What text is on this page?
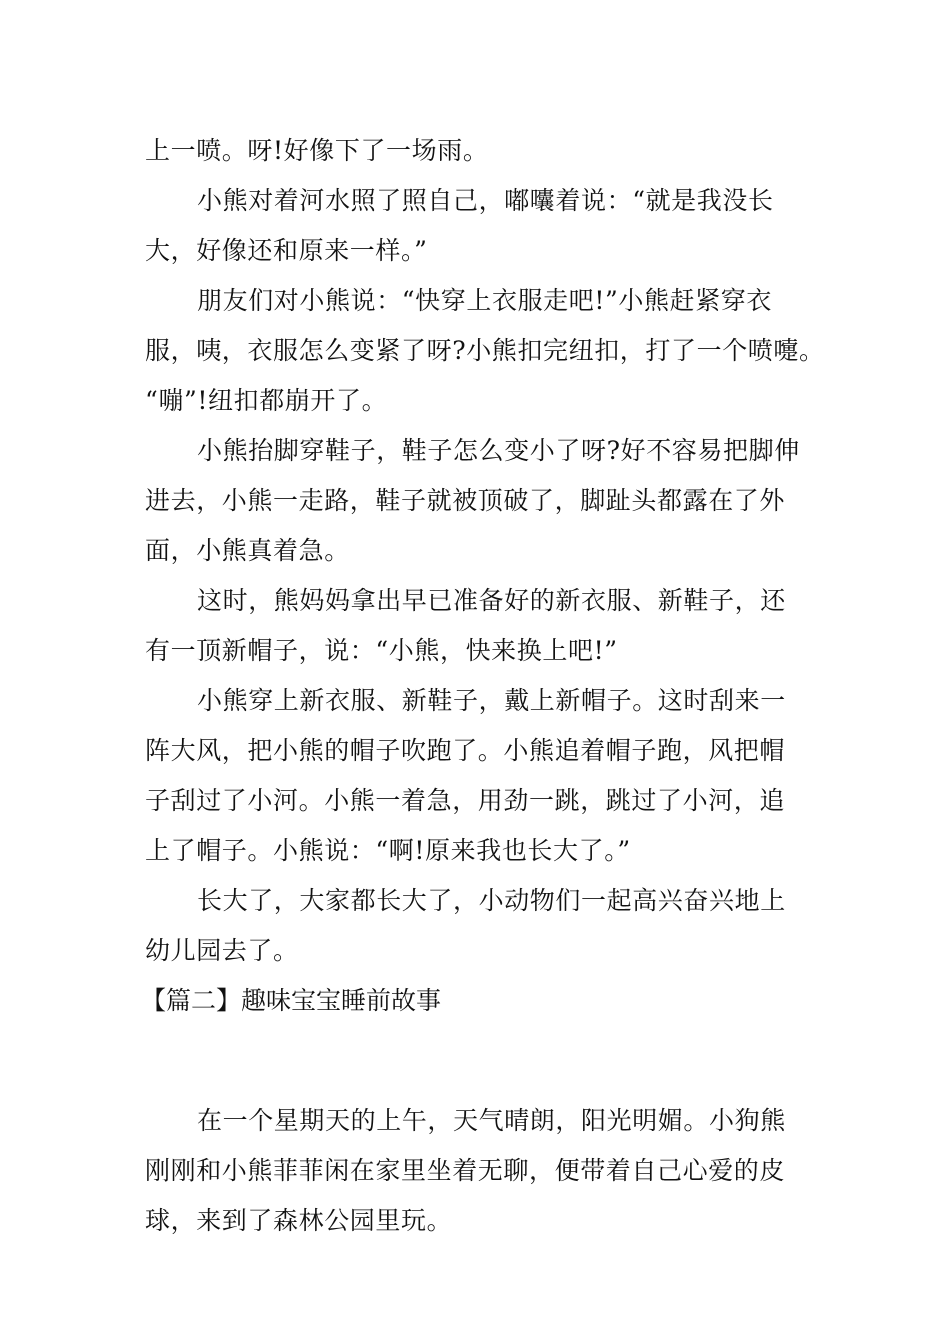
上一喷。呀!好像下了一场雨。
小熊对着河水照了照自己，嘟囔着说：“就是我没长
大，好像还和原来一样。”
朋友们对小熊说：“快穿上衣服走吧!”小熊赶紧穿衣
服，咦，衣服怎么变紧了呀?小熊扣完纽扣，打了一个喷嚏。
“嘣”!纽扣都崩开了。
小熊抬脚穿鞋子，鞋子怎么变小了呀?好不容易把脚伸
进去，小熊一走路，鞋子就被顶破了，脚趾头都露在了外
面，小熊真着急。
这时，熊妈妈拿出早已准备好的新衣服、新鞋子，还
有一顶新帽子，说：“小熊，快来换上吧!”
小熊穿上新衣服、新鞋子，戴上新帽子。这时刮来一
阵大风，把小熊的帽子吹跑了。小熊追着帽子跑，风把帽
子刮过了小河。小熊一着急，用劲一跳，跳过了小河，追
上了帽子。小熊说：“啊!原来我也长大了。”
长大了，大家都长大了，小动物们一起高兴奋兴地上
幼儿园去了。
【篇二】趣味宝宝睡前故事
在一个星期天的上午，天气晴朗，阳光明媚。小狗熊
刚刚和小熊菲菲闲在家里坐着无聊，便带着自己心爱的皮
球，来到了森林公园里玩。
